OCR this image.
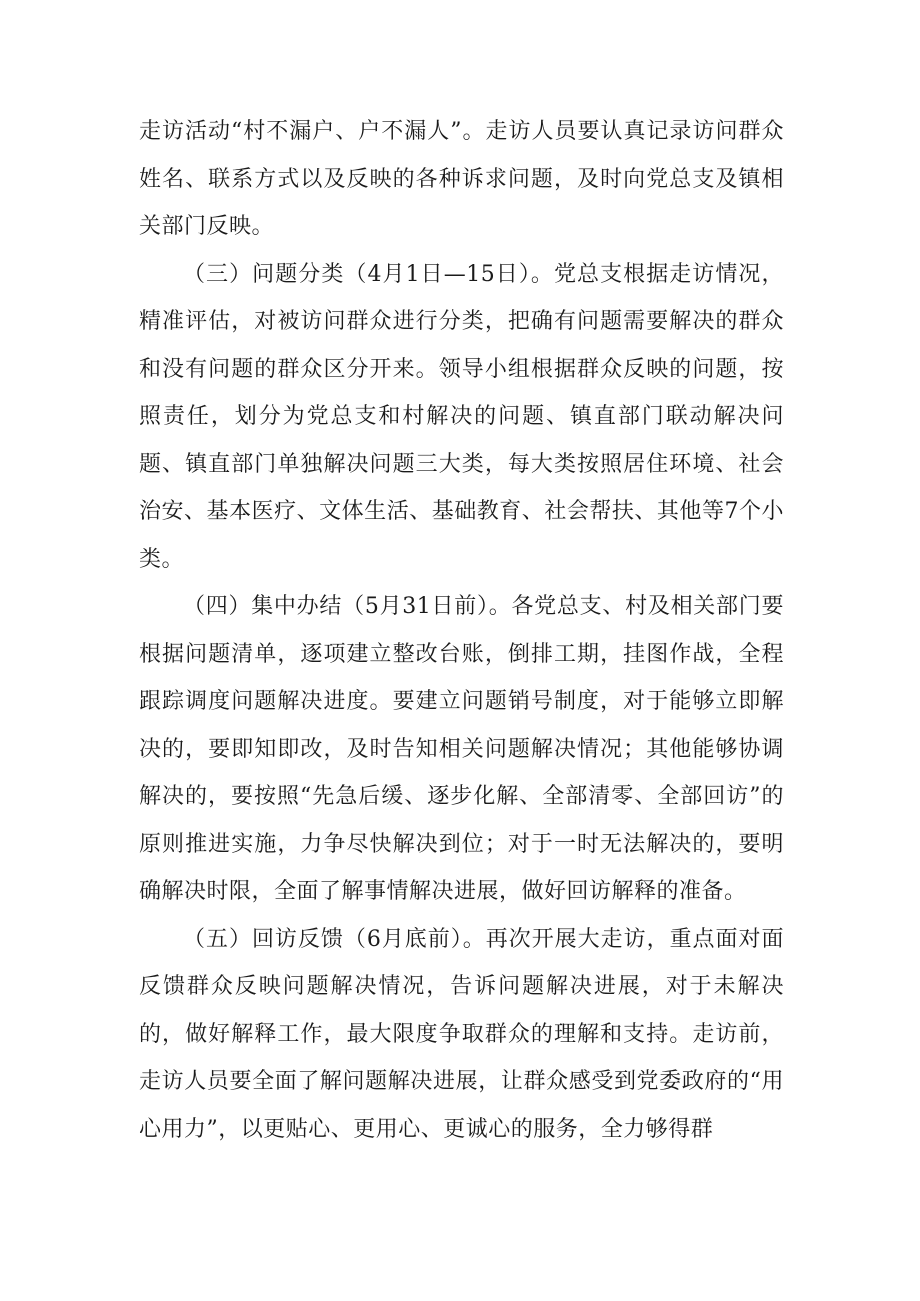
走访活动“村不漏户、户不漏人”。走访人员要认真记录访问群众姓名、联系方式以及反映的各种诉求问题，及时向党总支及镇相关部门反映。

（三）问题分类（4月1日—15日）。党总支根据走访情况，精准评估，对被访问群众进行分类，把确有问题需要解决的群众和没有问题的群众区分开来。领导小组根据群众反映的问题，按照责任，划分为党总支和村解决的问题、镇直部门联动解决问题、镇直部门单独解决问题三大类，每大类按照居住环境、社会治安、基本医疗、文体生活、基础教育、社会帮扶、其他等7个小类。

（四）集中办结（5月31日前）。各党总支、村及相关部门要根据问题清单，逐项建立整改台账，倒排工期，挂图作战，全程跟踪调度问题解决进度。要建立问题销号制度，对于能够立即解决的，要即知即改，及时告知相关问题解决情况；其他能够协调解决的，要按照“先急后缓、逐步化解、全部清零、全部回访”的原则推进实施，力争尽快解决到位；对于一时无法解决的，要明确解决时限，全面了解事情解决进展，做好回访解释的准备。

（五）回访反馈（6月底前）。再次开展大走访，重点面对面反馈群众反映问题解决情况，告诉问题解决进展，对于未解决的，做好解释工作，最大限度争取群众的理解和支持。走访前，走访人员要全面了解问题解决进展，让群众感受到党委政府的“用心用力”，以更贴心、更用心、更诚心的服务，全力够得群
